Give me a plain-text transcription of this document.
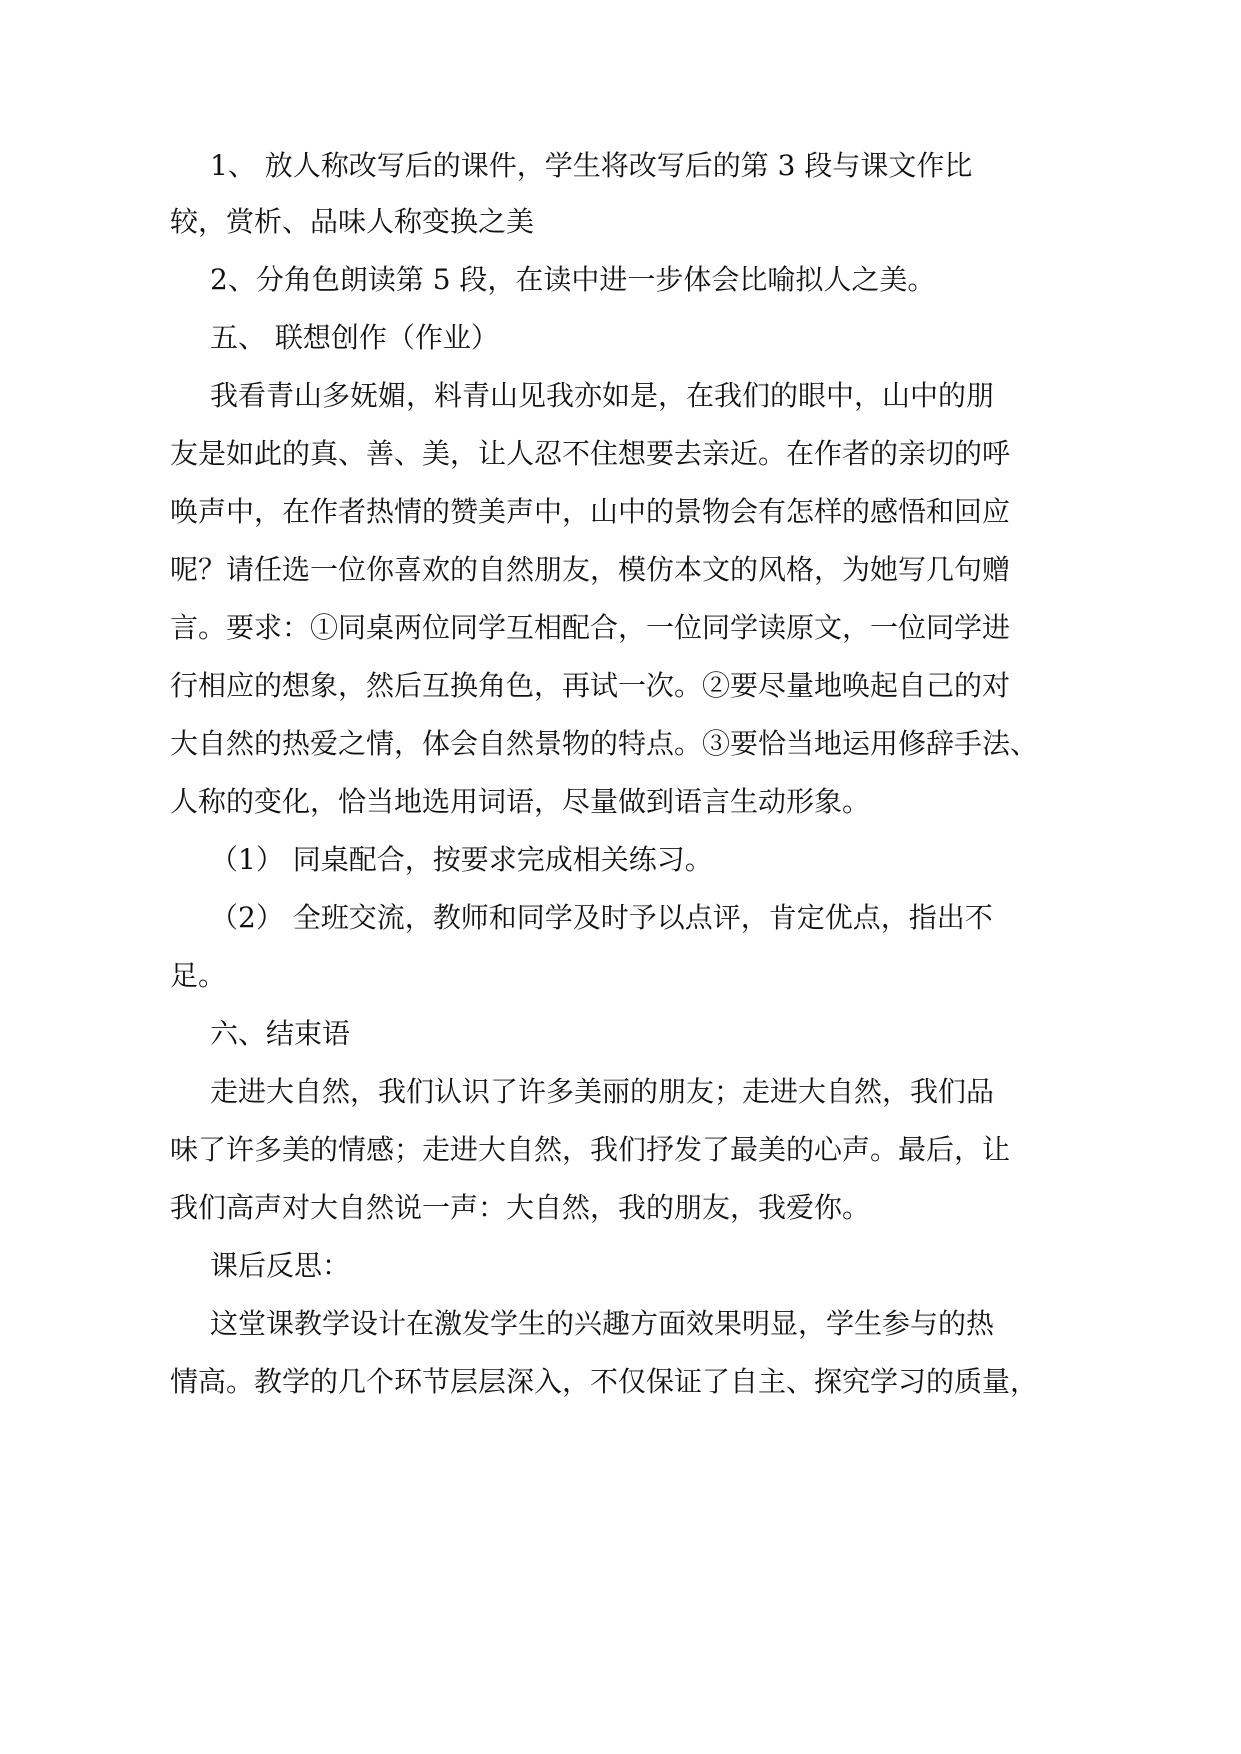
1、 放人称改写后的课件，学生将改写后的第 3 段与课文作比
较，赏析、品味人称变换之美
2、分角色朗读第 5 段，在读中进一步体会比喻拟人之美。
五、 联想创作（作业）
我看青山多妩媚，料青山见我亦如是，在我们的眼中，山中的朋
友是如此的真、善、美，让人忍不住想要去亲近。在作者的亲切的呼
唤声中，在作者热情的赞美声中，山中的景物会有怎样的感悟和回应
呢？请任选一位你喜欢的自然朋友，模仿本文的风格，为她写几句赠
言。要求：①同桌两位同学互相配合，一位同学读原文，一位同学进
行相应的想象，然后互换角色，再试一次。②要尽量地唤起自己的对
大自然的热爱之情，体会自然景物的特点。③要恰当地运用修辞手法、
人称的变化，恰当地选用词语，尽量做到语言生动形象。
（1） 同桌配合，按要求完成相关练习。
（2） 全班交流，教师和同学及时予以点评，肯定优点，指出不
足。
六、结束语
走进大自然，我们认识了许多美丽的朋友；走进大自然，我们品
味了许多美的情感；走进大自然，我们抒发了最美的心声。最后，让
我们高声对大自然说一声：大自然，我的朋友，我爱你。
课后反思：
这堂课教学设计在激发学生的兴趣方面效果明显，学生参与的热
情高。教学的几个环节层层深入，不仅保证了自主、探究学习的质量，
